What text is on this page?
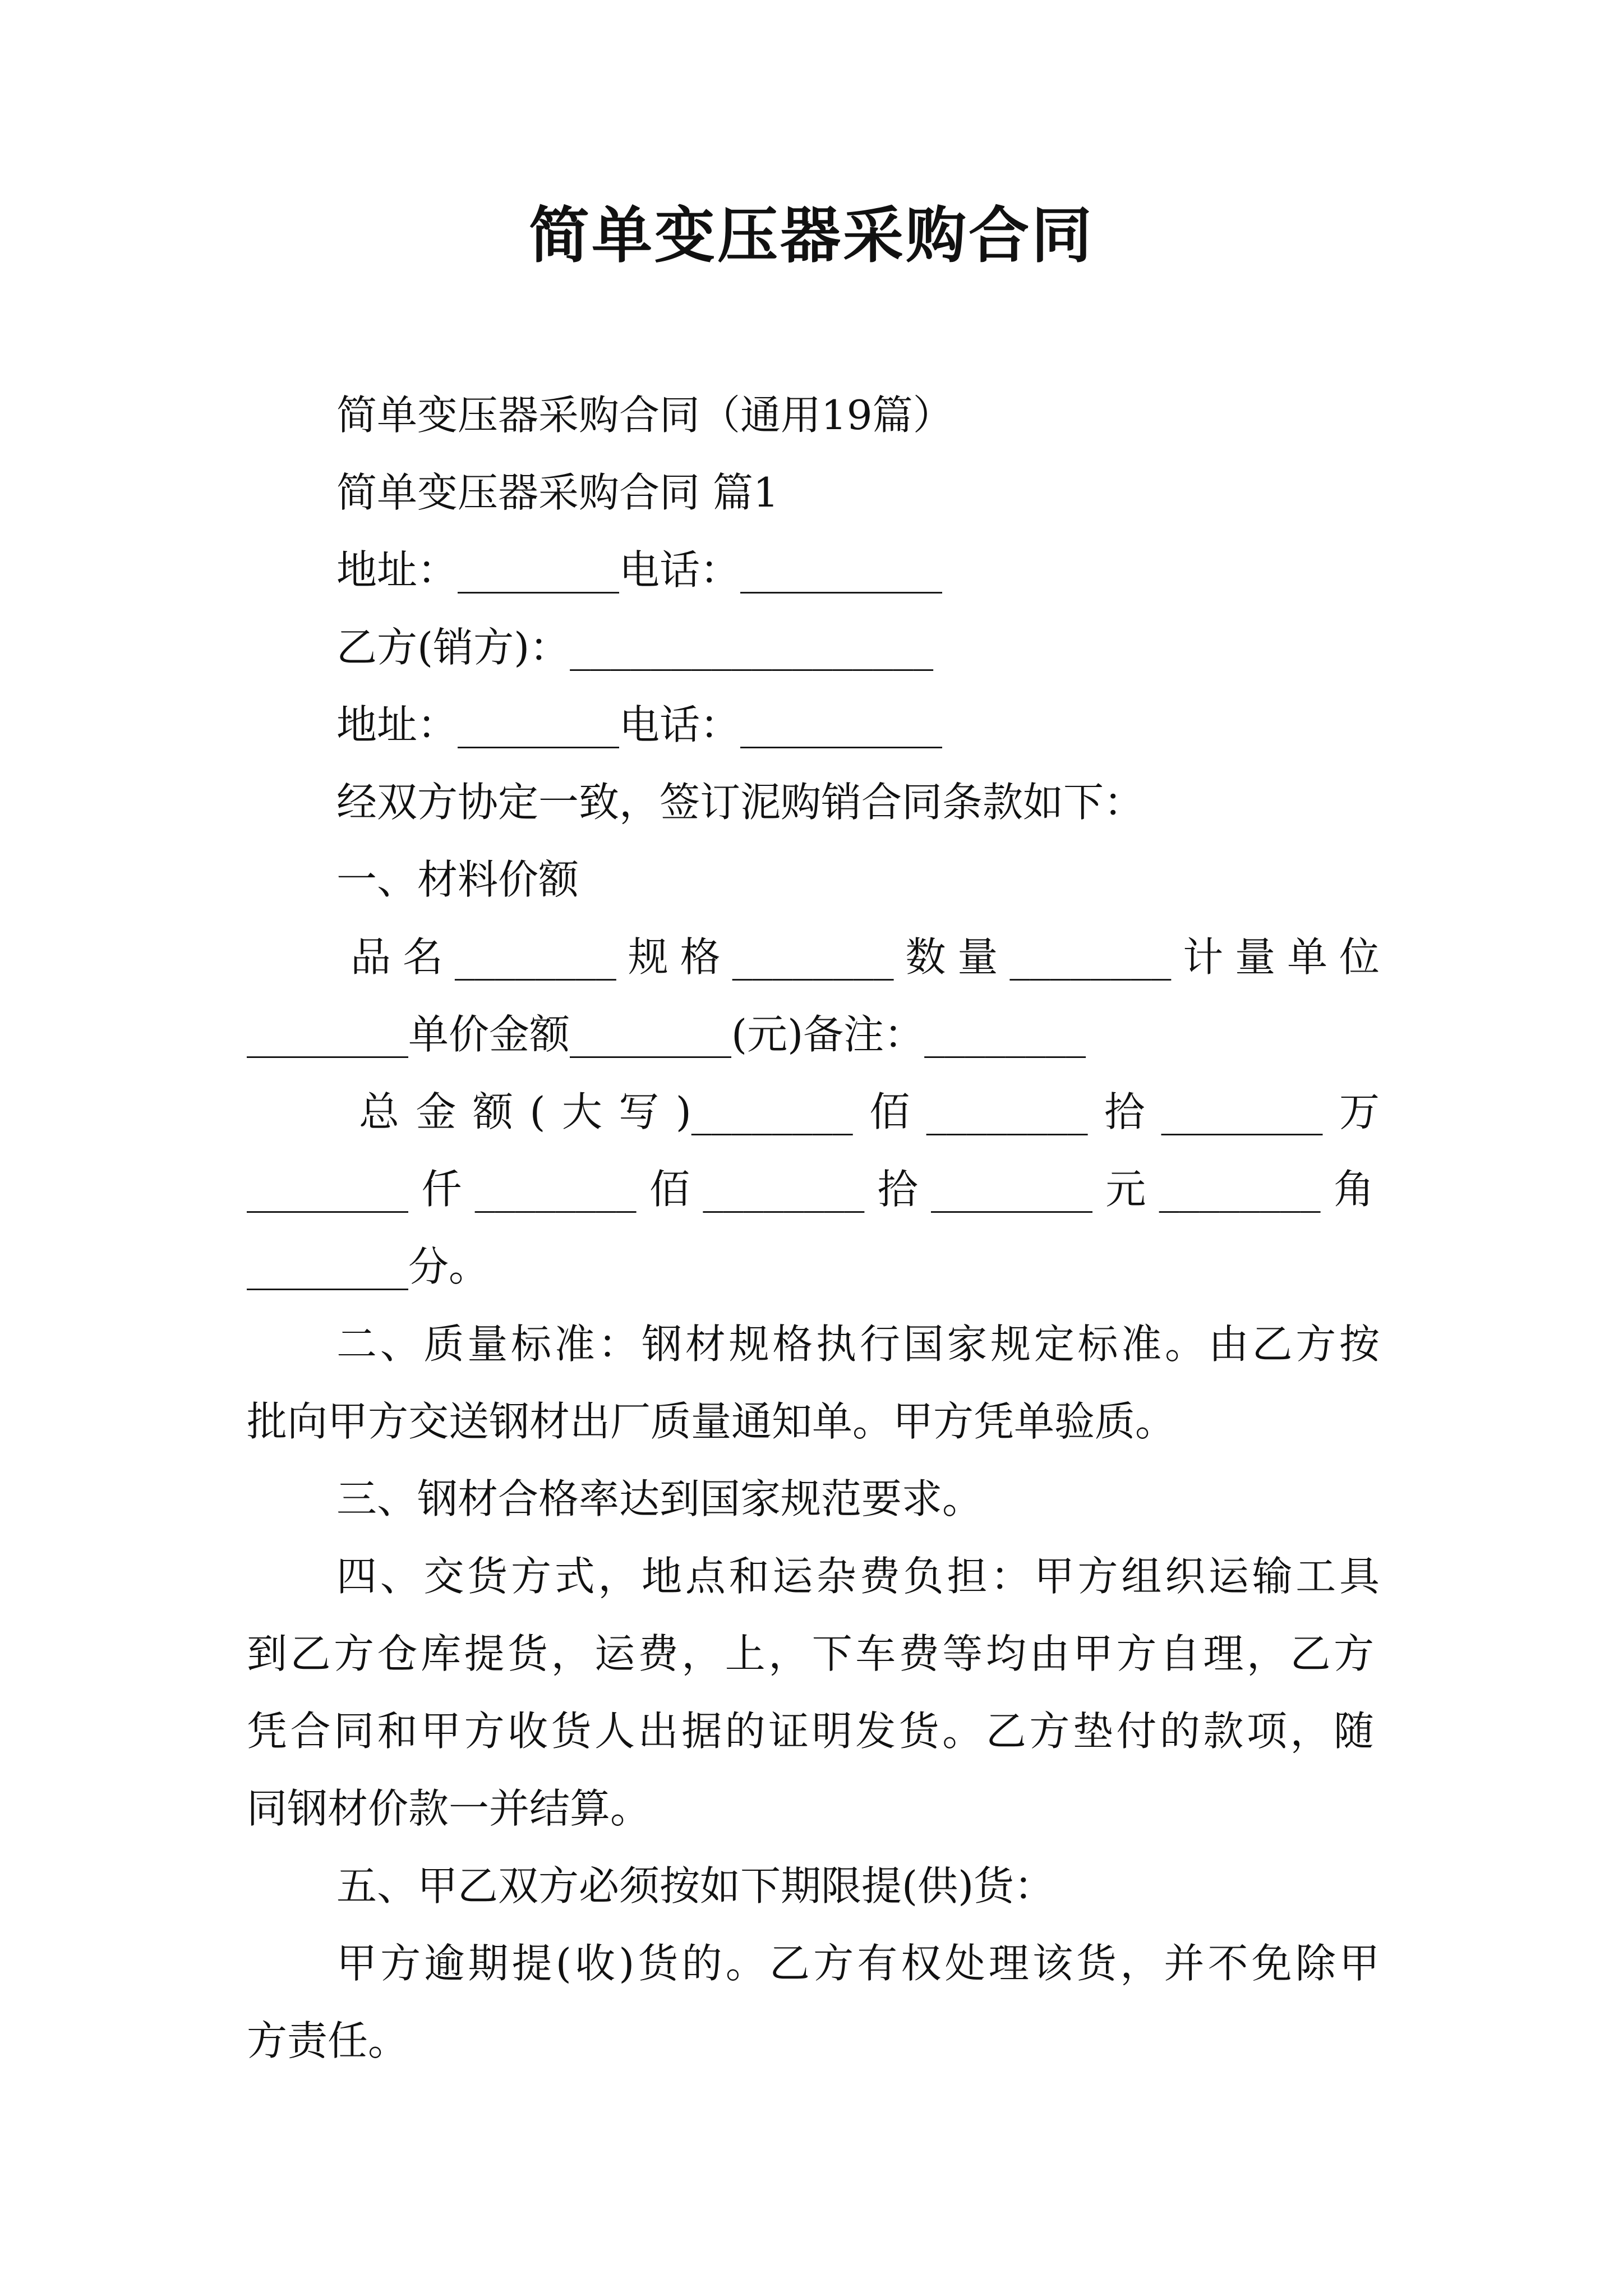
简单变压器采购合同
简单变压器采购合同（通用19篇）
简单变压器采购合同 篇1
地址：________电话：__________
乙方(销方)：__________________
地址：________电话：__________
经双方协定一致，签订泥购销合同条款如下：
一、材料价额
品名________规格________数量________计量单位
________单价金额________(元)备注：________
总金额(大写)________佰________拾________万
________仟________佰________拾________元________角
________分。
二、质量标准：钢材规格执行国家规定标准。由乙方按
批向甲方交送钢材出厂质量通知单。甲方凭单验质。
三、钢材合格率达到国家规范要求。
四、交货方式，地点和运杂费负担：甲方组织运输工具
到乙方仓库提货，运费，上，下车费等均由甲方自理，乙方
凭合同和甲方收货人出据的证明发货。乙方垫付的款项，随
同钢材价款一并结算。
五、甲乙双方必须按如下期限提(供)货：
甲方逾期提(收)货的。乙方有权处理该货，并不免除甲
方责任。
